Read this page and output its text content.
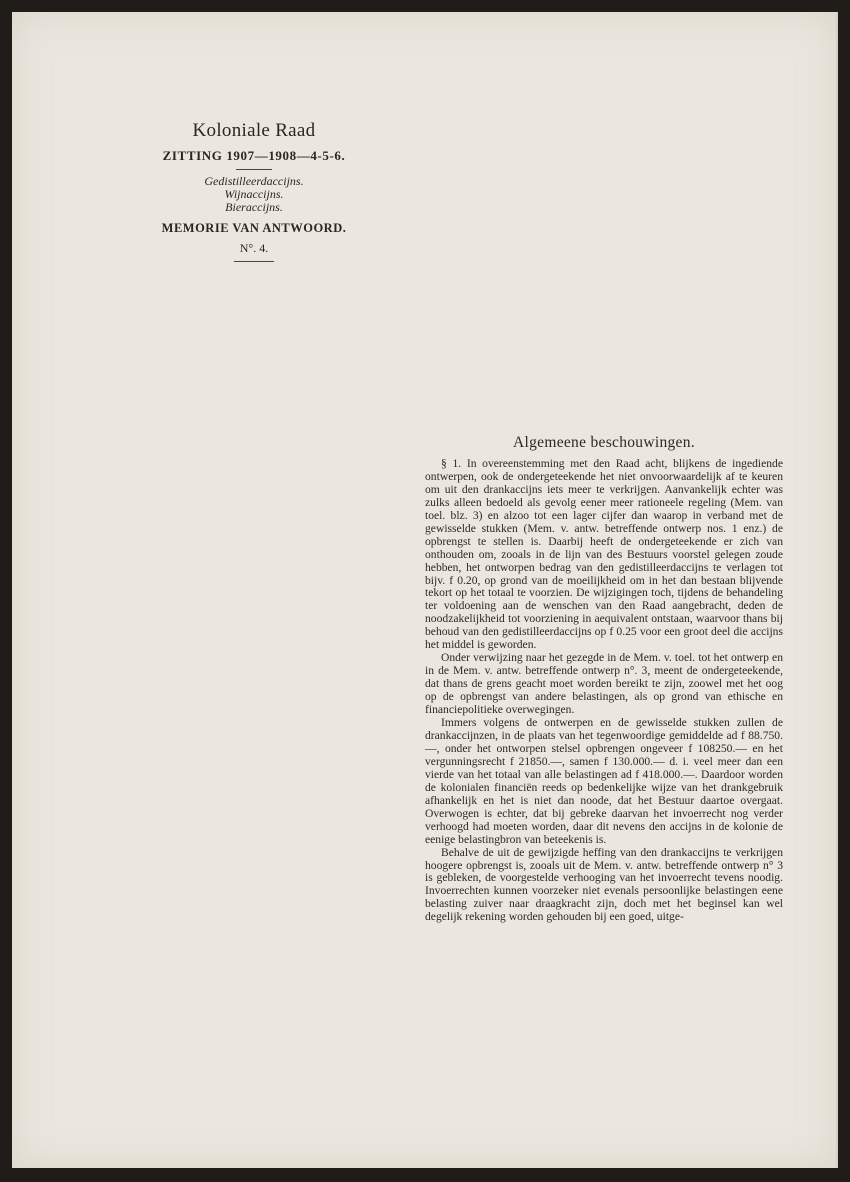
Koloniale Raad
ZITTING 1907—1908—4-5-6.
Gedistilleerdaccijns.
Wijnaccijns.
Bieraccijns.
MEMORIE VAN ANTWOORD.
N°. 4.
Algemeene beschouwingen.

§ 1. In overeenstemming met den Raad acht, blijkens de ingediende ontwerpen, ook de ondergeteekende het niet onvoorwaardelijk af te keuren om uit den drankaccijns iets meer te verkrijgen. Aanvankelijk echter was zulks alleen bedoeld als gevolg eener meer rationeele regeling (Mem. van toel. blz. 3) en alzoo tot een lager cijfer dan waarop in verband met de gewisselde stukken (Mem. v. antw. betreffende ontwerp nos. 1 enz.) de opbrengst te stellen is. Daarbij heeft de ondergeteekende er zich van onthouden om, zooals in de lijn van des Bestuurs voorstel gelegen zoude hebben, het ontworpen bedrag van den gedistilleerdaccijns te verlagen tot bijv. f 0.20, op grond van de moeilijkheid om in het dan bestaan blijvende tekort op het totaal te voorzien. De wijzigingen toch, tijdens de behandeling ter voldoening aan de wenschen van den Raad aangebracht, deden de noodzakelijkheid tot voorziening in aequivalent ontstaan, waarvoor thans bij behoud van den gedistilleerdaccijns op f 0.25 voor een groot deel die accijns het middel is geworden.

Onder verwijzing naar het gezegde in de Mem. v. toel. tot het ontwerp en in de Mem. v. antw. betreffende ontwerp n°. 3, meent de ondergeteekende, dat thans de grens geacht moet worden bereikt te zijn, zoowel met het oog op de opbrengst van andere belastingen, als op grond van ethische en financiepolitieke overwegingen.

Immers volgens de ontwerpen en de gewisselde stukken zullen de drankaccijnzen, in de plaats van het tegenwoordige gemiddelde ad f 88.750.—, onder het ontworpen stelsel opbrengen ongeveer f 108250.— en het vergunningsrecht f 21850.—, samen f 130.000.— d. i. veel meer dan een vierde van het totaal van alle belastingen ad f 418.000.—. Daardoor worden de kolonialen financiën reeds op bedenkelijke wijze van het drankgebruik afhankelijk en het is niet dan noode, dat het Bestuur daartoe overgaat. Overwogen is echter, dat bij gebreke daarvan het invoerrecht nog verder verhoogd had moeten worden, daar dit nevens den accijns in de kolonie de eenige belastingbron van beteekenis is.

Behalve de uit de gewijzigde heffing van den drankaccijns te verkrijgen hoogere opbrengst is, zooals uit de Mem. v. antw. betreffende ontwerp n° 3 is gebleken, de voorgestelde verhooging van het invoerrecht tevens noodig. Invoerrechten kunnen voorzeker niet evenals persoonlijke belastingen eene belasting zuiver naar draagkracht zijn, doch met het beginsel kan wel degelijk rekening worden gehouden bij een goed, uitge-
